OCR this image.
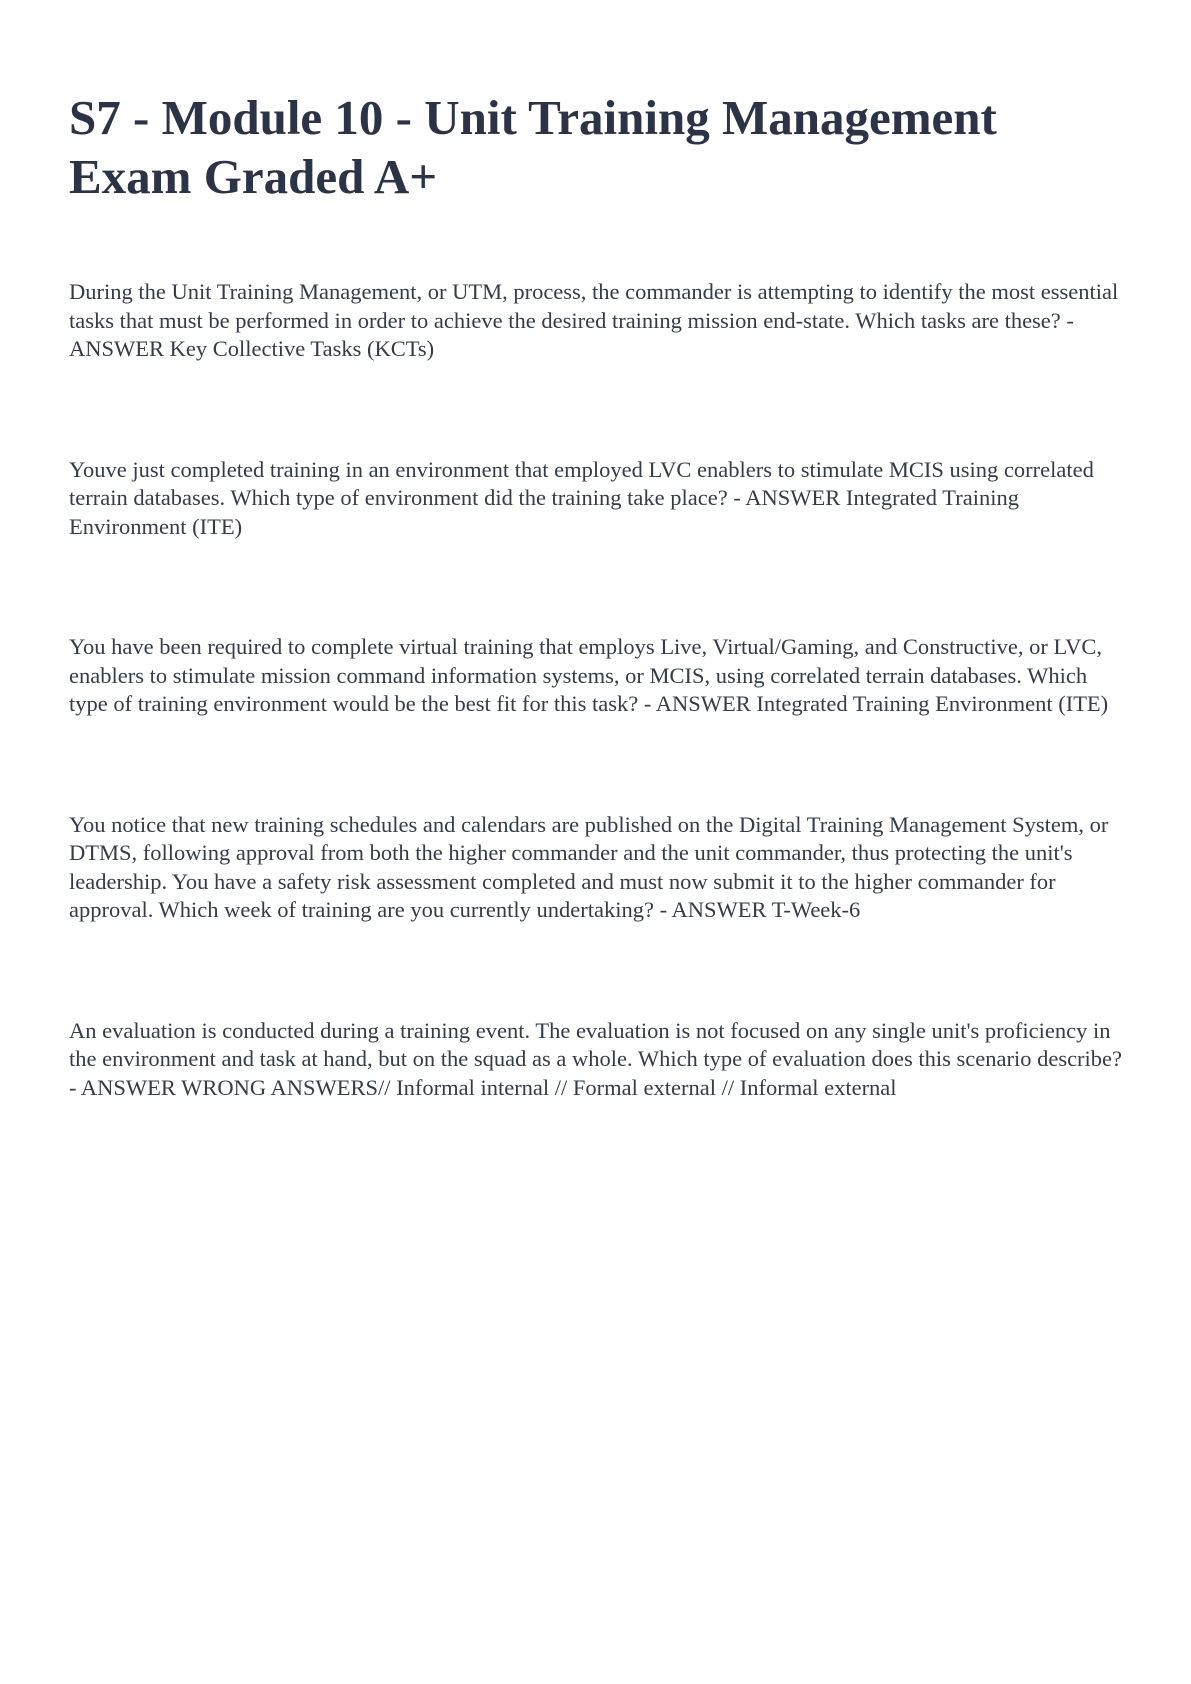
S7 - Module 10 - Unit Training Management Exam Graded A+

During the Unit Training Management, or UTM, process, the commander is attempting to identify the most essential tasks that must be performed in order to achieve the desired training mission end-state. Which tasks are these? - ANSWER Key Collective Tasks (KCTs)

Youve just completed training in an environment that employed LVC enablers to stimulate MCIS using correlated terrain databases. Which type of environment did the training take place? - ANSWER Integrated Training Environment (ITE)

You have been required to complete virtual training that employs Live, Virtual/Gaming, and Constructive, or LVC, enablers to stimulate mission command information systems, or MCIS, using correlated terrain databases. Which type of training environment would be the best fit for this task? - ANSWER Integrated Training Environment (ITE)

You notice that new training schedules and calendars are published on the Digital Training Management System, or DTMS, following approval from both the higher commander and the unit commander, thus protecting the unit's leadership. You have a safety risk assessment completed and must now submit it to the higher commander for approval. Which week of training are you currently undertaking? - ANSWER T-Week-6

An evaluation is conducted during a training event. The evaluation is not focused on any single unit's proficiency in the environment and task at hand, but on the squad as a whole. Which type of evaluation does this scenario describe? - ANSWER WRONG ANSWERS// Informal internal // Formal external // Informal external
